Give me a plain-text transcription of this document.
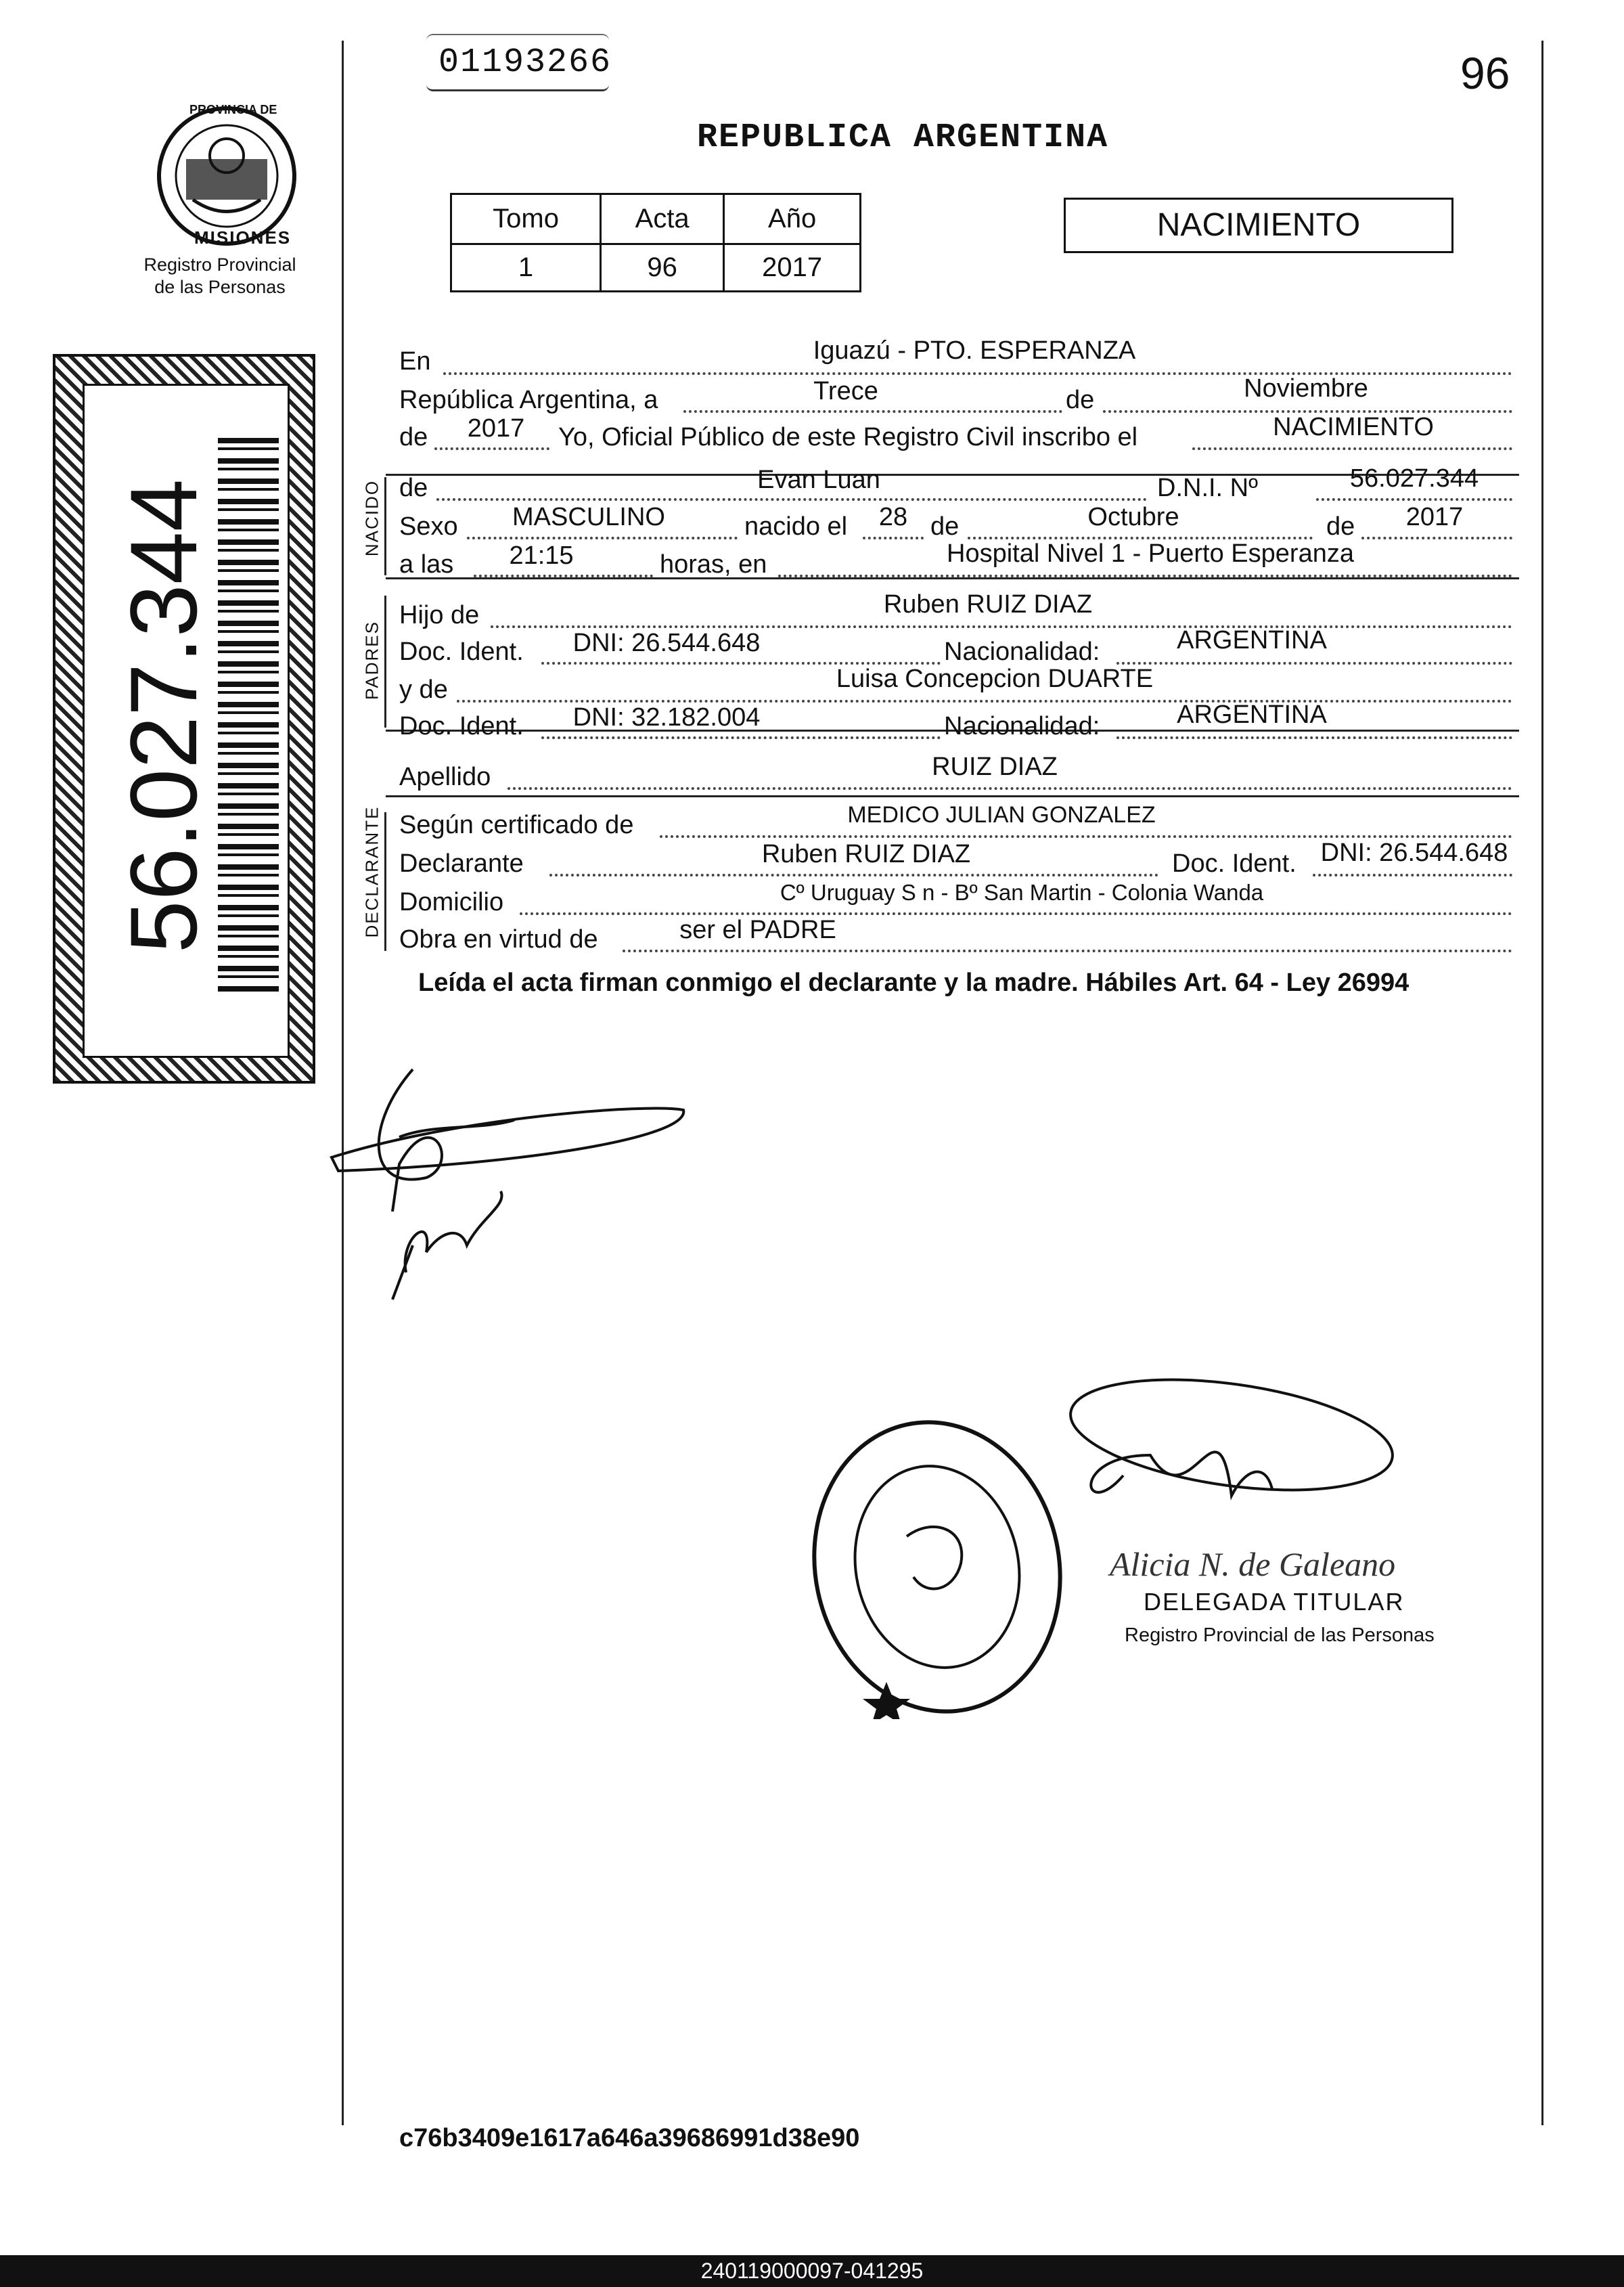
01193266	96
REPUBLICA ARGENTINA
PROVINCIA DE
MISIONES
Registro Provincial
de las Personas
56.027.344
Tomo	Acta	Año
1	96	2017
NACIMIENTO
NACIDO
PADRES
DECLARANTE
En	Iguazú - PTO. ESPERANZA
República Argentina, a	Trece	de	Noviembre
de	2017	Yo, Oficial Público de este Registro Civil inscribo el	NACIMIENTO
de	Evan Luan	D.N.I. Nº	56.027.344
Sexo	MASCULINO	nacido el	28 de	Octubre	de	2017
a las	21:15	horas, en	Hospital Nivel 1 - Puerto Esperanza
Hijo de	Ruben RUIZ DIAZ
Doc. Ident.	DNI: 26.544.648	Nacionalidad:	ARGENTINA
y de	Luisa Concepcion DUARTE
Doc. Ident.	DNI: 32.182.004	Nacionalidad:	ARGENTINA
Apellido	RUIZ DIAZ
Según certificado de	MEDICO JULIAN GONZALEZ
Declarante	Ruben RUIZ DIAZ	Doc. Ident. DNI: 26.544.648
Domicilio	Cº Uruguay S n - Bº San Martin - Colonia Wanda
Obra en virtud de	ser el PADRE
Leída el acta firman conmigo el declarante y la madre. Hábiles Art. 64 - Ley 26994
Alicia N. de Galeano
DELEGADA TITULAR
Registro Provincial de las Personas
c76b3409e1617a646a39686991d38e90
240119000097-041295
